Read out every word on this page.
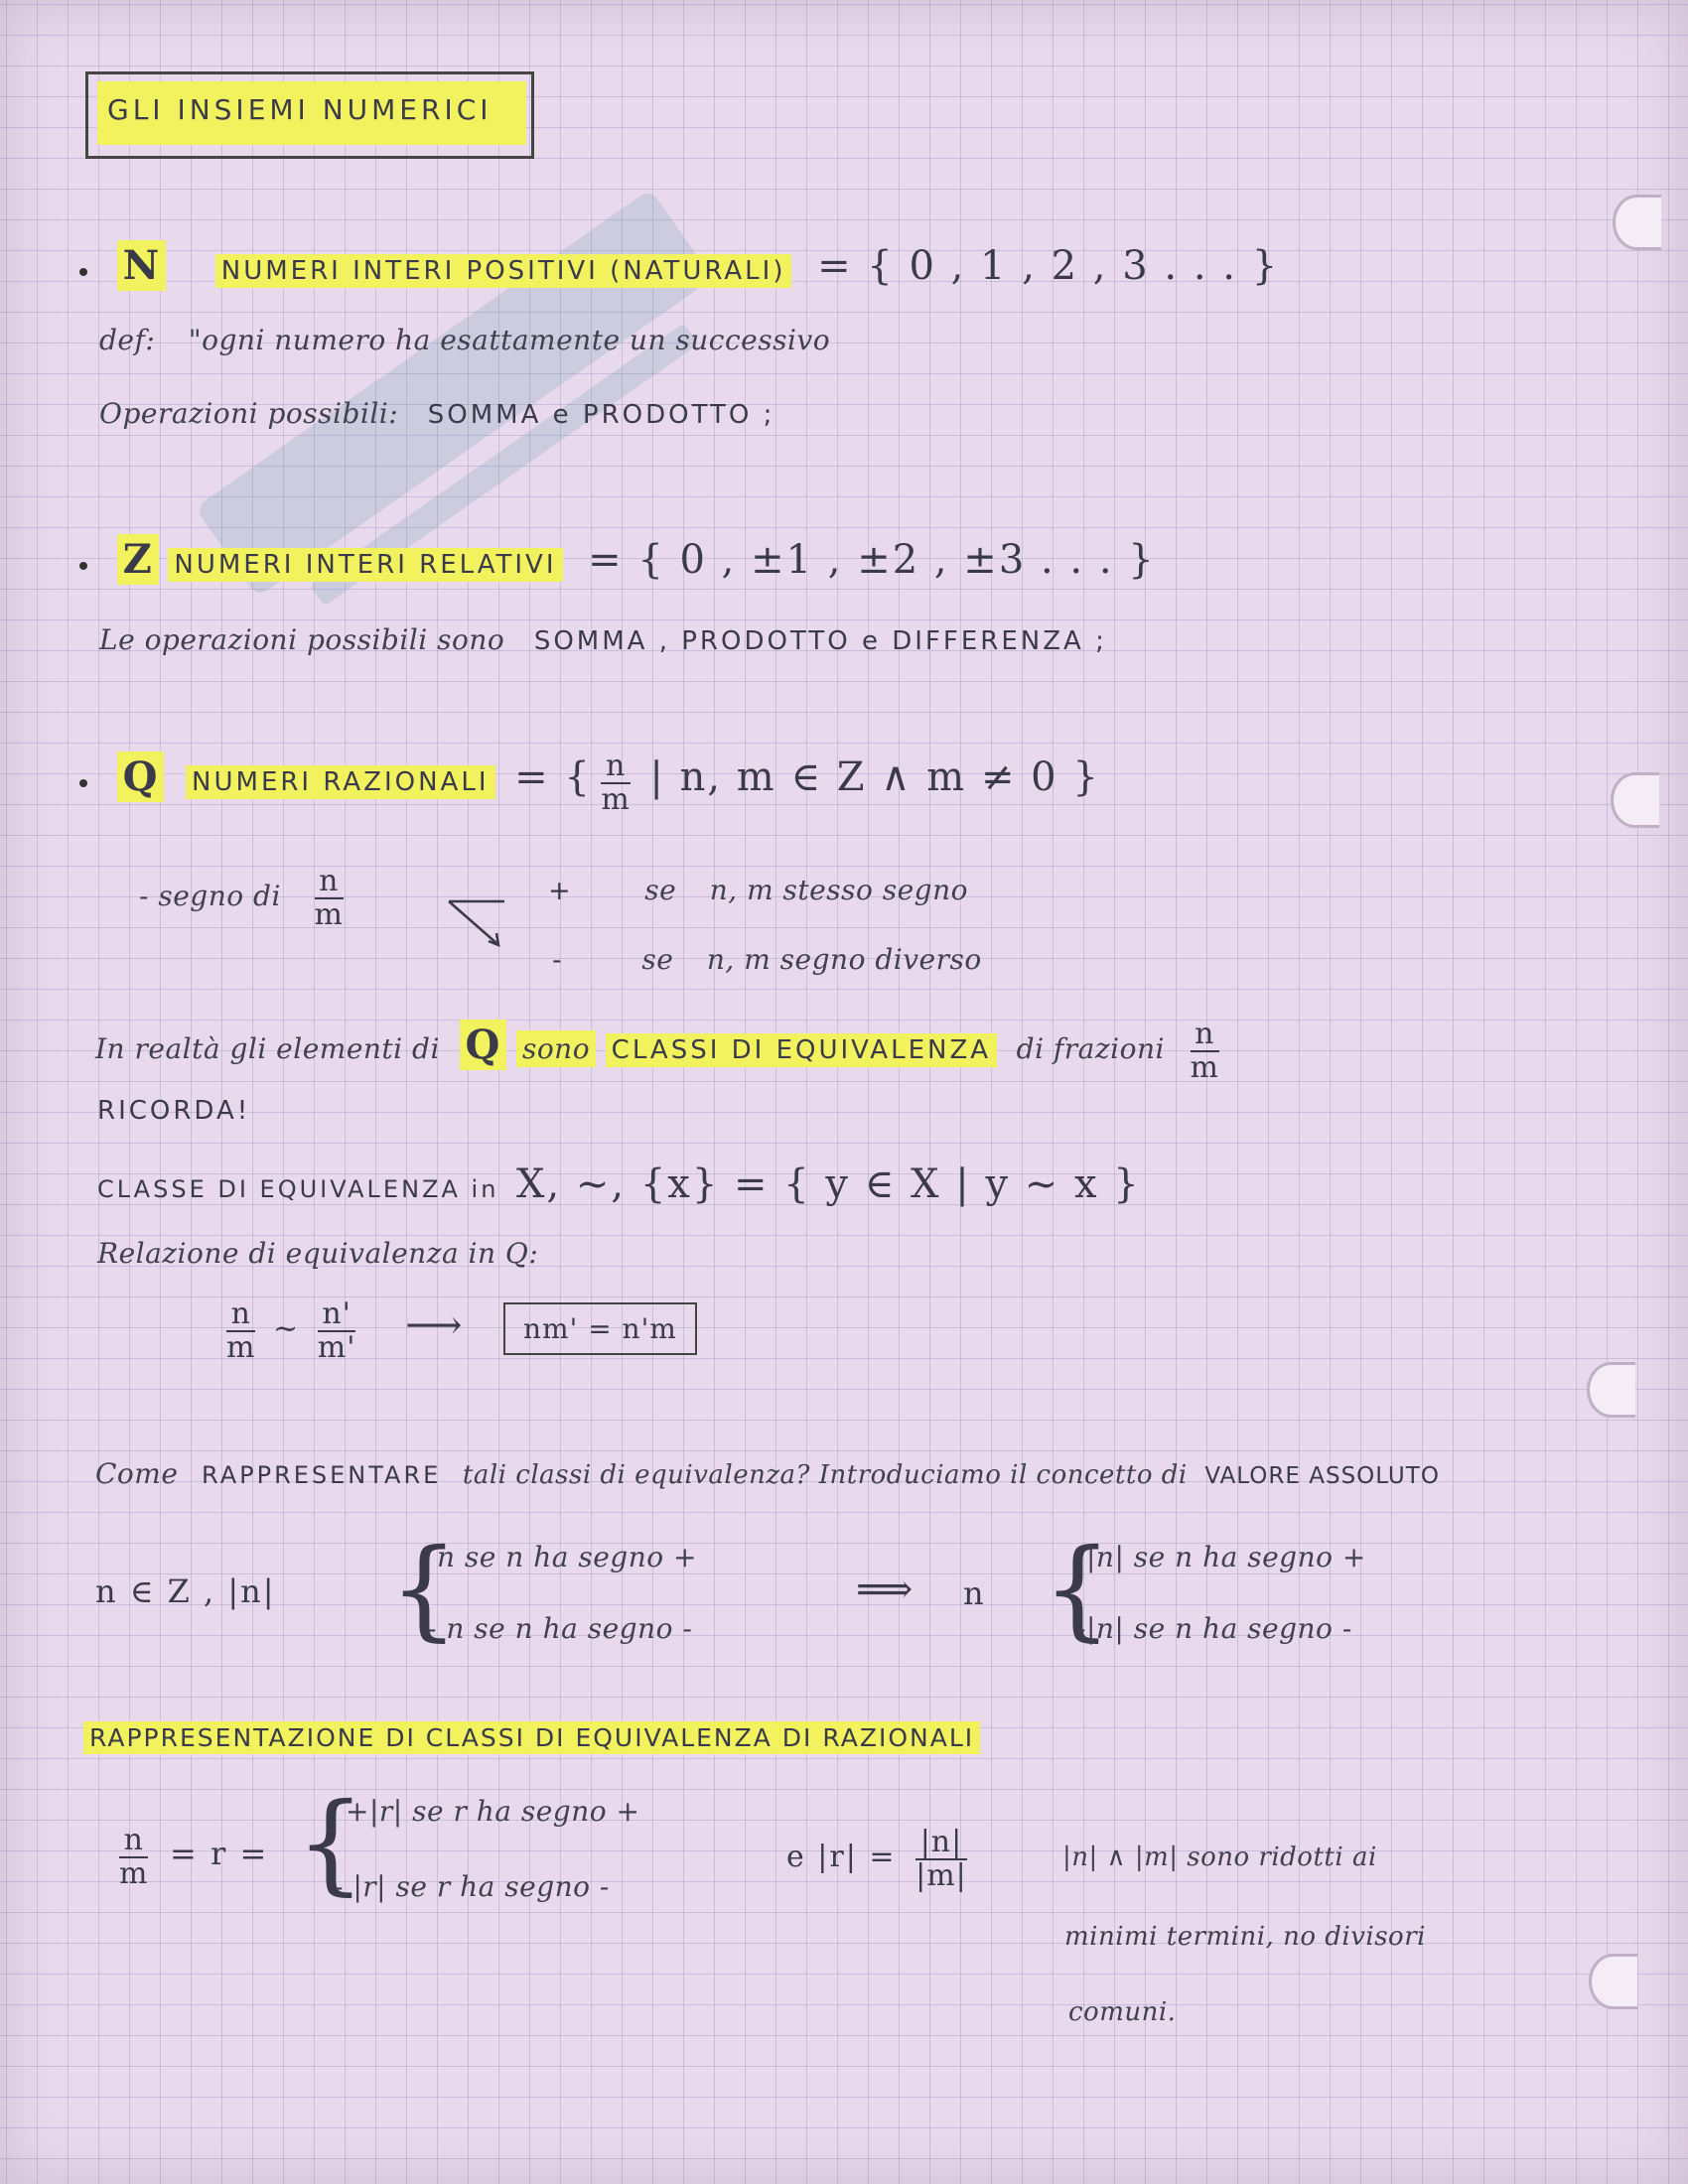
GLI INSIEMI NUMERICI
N NUMERI INTERI POSITIVI (NATURALI) = { 0 , 1 , 2 , 3 . . . }
def: "ogni numero ha esattamente un successivo
Operazioni possibili: SOMMA e PRODOTTO ;
Z NUMERI INTERI RELATIVI = { 0 , ±1 , ±2 , ±3 . . . }
Le operazioni possibili sono SOMMA , PRODOTTO e DIFFERENZA ;
Q NUMERI RAZIONALI = { $\frac{n}{m}$ | n, m ∈ Z ∧ m ≠ 0 }
- segno di $\frac{n}{m}$	+	se n, m stesso segno
-	se n, m segno diverso
In realtà gli elementi di Q sono CLASSI DI EQUIVALENZA di frazioni $\frac{n}{m}$
RICORDA!
CLASSE DI EQUIVALENZA in X, ~, {x} = { y ∈ X | y ~ x }
Relazione di equivalenza in Q:
$\frac{n}{m}$ ~ $\frac{n'}{m'}$ ⟶ nm' = n'm
Come RAPPRESENTARE tali classi di equivalenza? Introduciamo il concetto di VALORE ASSOLUTO
n ∈ Z , |n| {
n se n ha segno +
- n se n ha segno -
⟹ n {
|n| se n ha segno +
-|n| se n ha segno -
RAPPRESENTAZIONE DI CLASSI DI EQUIVALENZA DI RAZIONALI
$\frac{n}{m} = r$ = {
+|r| se r ha segno +
- |r| se r ha segno -
e $|r| = \frac{|n|}{|m|}$	|n| ∧ |m| sono ridotti ai
minimi termini, no divisori
comuni.
